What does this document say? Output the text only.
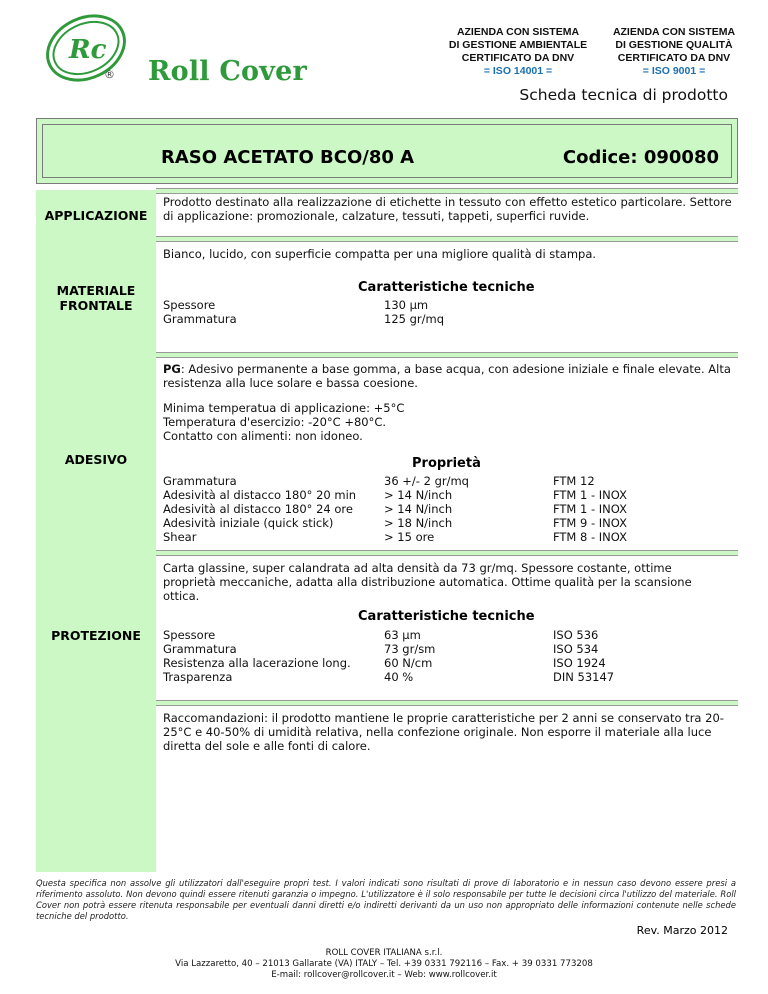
Rc
® Roll Cover
AZIENDA CON SISTEMA
DI GESTIONE AMBIENTALE
CERTIFICATO DA DNV
= ISO 14001 =
AZIENDA CON SISTEMA
DI GESTIONE QUALITÀ
CERTIFICATO DA DNV
= ISO 9001 =
Scheda tecnica di prodotto
RASO ACETATO BCO/80 A	Codice: 090080
APPLICAZIONE
Prodotto destinato alla realizzazione di etichette in tessuto con effetto estetico particolare. Settore di applicazione: promozionale, calzature, tessuti, tappeti, superfici ruvide.
MATERIALE
FRONTALE
Bianco, lucido, con superficie compatta per una migliore qualità di stampa.
Caratteristiche tecniche
Spessore
Grammatura
130 µm
125 gr/mq
ADESIVO
PG: Adesivo permanente a base gomma, a base acqua, con adesione iniziale e finale elevate. Alta resistenza alla luce solare e bassa coesione.
Minima temperatua di applicazione: +5°C
Temperatura d'esercizio: -20°C +80°C.
Contatto con alimenti: non idoneo.
Proprietà
Grammatura
Adesività al distacco 180° 20 min
Adesività al distacco 180° 24 ore
Adesività iniziale (quick stick)
Shear
36 +/- 2 gr/mq
> 14 N/inch
> 14 N/inch
> 18 N/inch
> 15 ore
FTM 12
FTM 1 - INOX
FTM 1 - INOX
FTM 9 - INOX
FTM 8 - INOX
PROTEZIONE
Carta glassine, super calandrata ad alta densità da 73 gr/mq. Spessore costante, ottime proprietà meccaniche, adatta alla distribuzione automatica. Ottime qualità per la scansione ottica.
Caratteristiche tecniche
Spessore
Grammatura
Resistenza alla lacerazione long.
Trasparenza
63 µm
73 gr/sm
60 N/cm
40 %
ISO 536
ISO 534
ISO 1924
DIN 53147
Raccomandazioni: il prodotto mantiene le proprie caratteristiche per 2 anni se conservato tra 20-25°C e 40-50% di umidità relativa, nella confezione originale. Non esporre il materiale alla luce diretta del sole e alle fonti di calore.
Questa specifica non assolve gli utilizzatori dall'eseguire propri test. I valori indicati sono risultati di prove di laboratorio e in nessun caso devono essere presi a riferimento assoluto. Non devono quindi essere ritenuti garanzia o impegno. L'utilizzatore è il solo responsabile per tutte le decisioni circa l'utilizzo del materiale. Roll Cover non potrà essere ritenuta responsabile per eventuali danni diretti e/o indiretti derivanti da un uso non appropriato delle informazioni contenute nelle schede tecniche del prodotto.
Rev. Marzo 2012
ROLL COVER ITALIANA s.r.l.
Via Lazzaretto, 40 – 21013 Gallarate (VA) ITALY – Tel. +39 0331 792116 – Fax. + 39 0331 773208
E-mail: rollcover@rollcover.it – Web: www.rollcover.it
